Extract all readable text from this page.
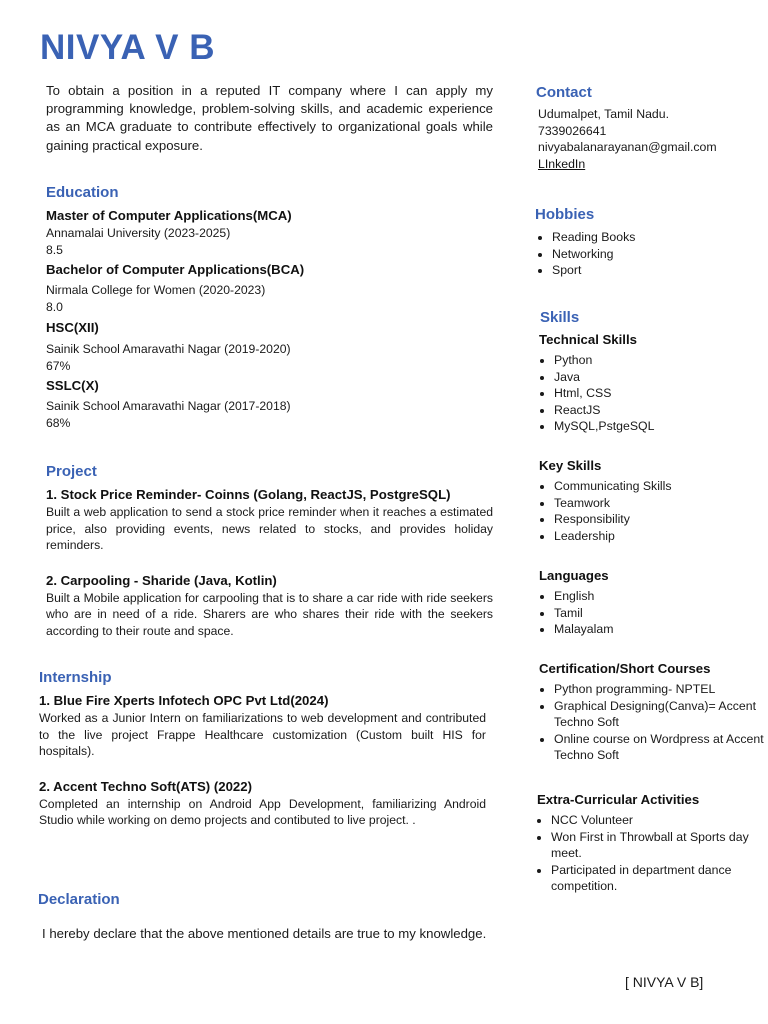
NIVYA V B
To obtain a position in a reputed IT company where I can apply my programming knowledge, problem-solving skills, and academic experience as an MCA graduate to contribute effectively to organizational goals while gaining practical exposure.
Education
Master of Computer Applications(MCA)
Annamalai University (2023-2025)
8.5
Bachelor of Computer Applications(BCA)
Nirmala College for Women (2020-2023)
8.0
HSC(XII)
Sainik School Amaravathi Nagar (2019-2020)
67%
SSLC(X)
Sainik School Amaravathi Nagar (2017-2018)
68%
Project
1. Stock Price Reminder- Coinns (Golang, ReactJS, PostgreSQL)
Built a web application to send a stock price reminder when it reaches a estimated price, also providing events, news related to stocks, and provides holiday reminders.
2. Carpooling - Sharide (Java, Kotlin)
Built a Mobile application for carpooling that is to share a car ride with ride seekers who are in need of a ride. Sharers are who shares their ride with the seekers according to their route and space.
Internship
1. Blue Fire Xperts Infotech OPC Pvt Ltd(2024)
Worked as a Junior Intern on familiarizations to web development and contributed to the live project Frappe Healthcare customization (Custom built HIS for hospitals).
2. Accent Techno Soft(ATS) (2022)
Completed an internship on Android App Development, familiarizing Android Studio while working on demo projects and contibuted to live project. .
Declaration
I hereby declare that the above mentioned details are true to my knowledge.
[ NIVYA V B]
Contact
Udumalpet, Tamil Nadu.
7339026641
nivyabalanarayanan@gmail.com
LInkedIn
Hobbies
• Reading Books
• Networking
• Sport
Skills
Technical Skills
• Python
• Java
• Html, CSS
• ReactJS
• MySQL,PstgeSQL
Key Skills
• Communicating Skills
• Teamwork
• Responsibility
• Leadership
Languages
• English
• Tamil
• Malayalam
Certification/Short Courses
• Python programming- NPTEL
• Graphical Designing(Canva)= Accent Techno Soft
• Online course on Wordpress at Accent Techno Soft
Extra-Curricular Activities
• NCC Volunteer
• Won First in Throwball at Sports day meet.
• Participated in department dance competition.
